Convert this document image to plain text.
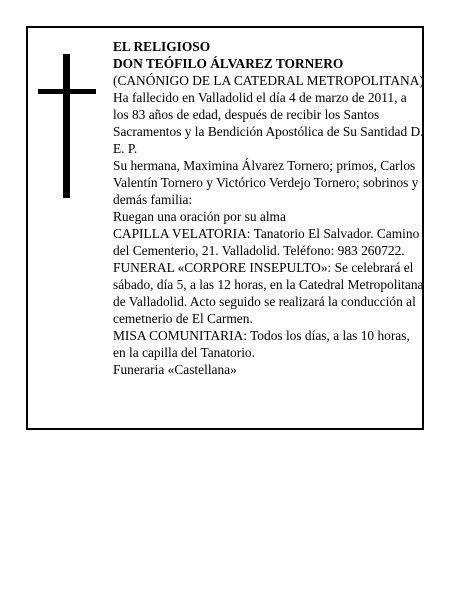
EL RELIGIOSO

DON TEÓFILO ÁLVAREZ TORNERO

(CANÓNIGO DE LA CATEDRAL METROPOLITANA)

Ha fallecido en Valladolid el día 4 de marzo de 2011, a los 83 años de edad, después de recibir los Santos Sacramentos y la Bendición Apostólica de Su Santidad D. E. P.

Su hermana, Maximina Álvarez Tornero; primos, Carlos Valentín Tornero y Victórico Verdejo Tornero; sobrinos y demás familia:

Ruegan una oración por su alma

CAPILLA VELATORIA: Tanatorio El Salvador. Camino del Cementerio, 21. Valladolid. Teléfono: 983 260722.

FUNERAL «CORPORE INSEPULTO»: Se celebrará el sábado, día 5, a las 12 horas, en la Catedral Metropolitana de Valladolid. Acto seguido se realizará la conducción al cemetnerio de El Carmen.

MISA COMUNITARIA: Todos los días, a las 10 horas, en la capilla del Tanatorio.

Funeraria «Castellana»
